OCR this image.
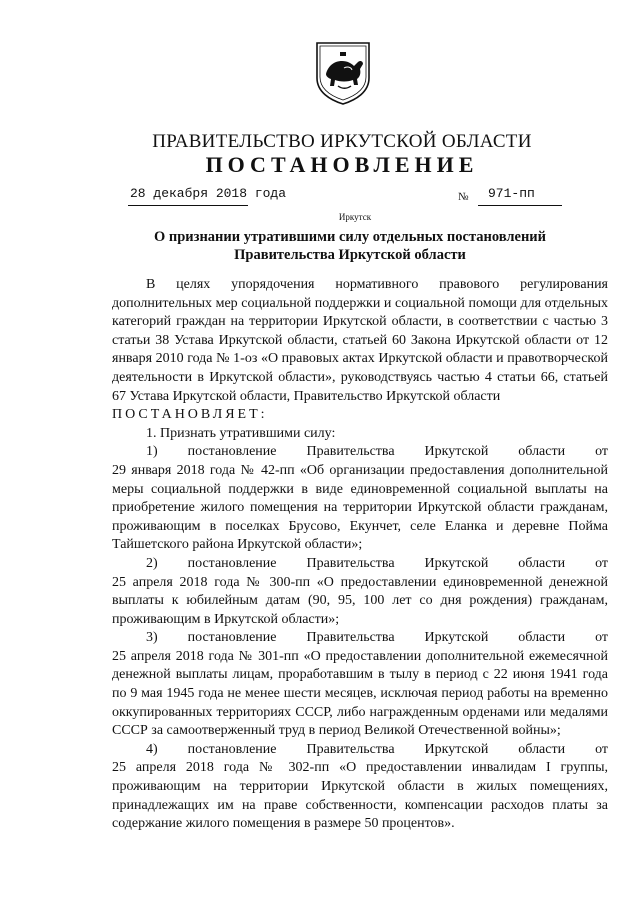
ПРАВИТЕЛЬСТВО ИРКУТСКОЙ ОБЛАСТИ
ПОСТАНОВЛЕНИЕ
28 декабря 2018 года	№ 971-пп
Иркутск
О признании утратившими силу отдельных постановлений
Правительства Иркутской области

В целях упорядочения нормативного правового регулирования дополнительных мер социальной поддержки и социальной помощи для отдельных категорий граждан на территории Иркутской области, в соответствии с частью 3 статьи 38 Устава Иркутской области, статьей 60 Закона Иркутской области от 12 января 2010 года № 1-оз «О правовых актах Иркутской области и правотворческой деятельности в Иркутской области», руководствуясь частью 4 статьи 66, статьей 67 Устава Иркутской области, Правительство Иркутской области

ПОСТАНОВЛЯЕТ:

1. Признать утратившими силу:

1) постановление Правительства Иркутской области от

29 января 2018 года № 42-пп «Об организации предоставления дополнительной меры социальной поддержки в виде единовременной социальной выплаты на приобретение жилого помещения на территории Иркутской области гражданам, проживающим в поселках Брусово, Екунчет, селе Еланка и деревне Пойма Тайшетского района Иркутской области»;

2) постановление Правительства Иркутской области от

25 апреля 2018 года № 300-пп «О предоставлении единовременной денежной выплаты к юбилейным датам (90, 95, 100 лет со дня рождения) гражданам, проживающим в Иркутской области»;

3) постановление Правительства Иркутской области от

25 апреля 2018 года № 301-пп «О предоставлении дополнительной ежемесячной денежной выплаты лицам, проработавшим в тылу в период с 22 июня 1941 года по 9 мая 1945 года не менее шести месяцев, исключая период работы на временно оккупированных территориях СССР, либо награжденным орденами или медалями СССР за самоотверженный труд в период Великой Отечественной войны»;

4) постановление Правительства Иркутской области от

25 апреля 2018 года № 302-пп «О предоставлении инвалидам I группы, проживающим на территории Иркутской области в жилых помещениях, принадлежащих им на праве собственности, компенсации расходов платы за содержание жилого помещения в размере 50 процентов».
